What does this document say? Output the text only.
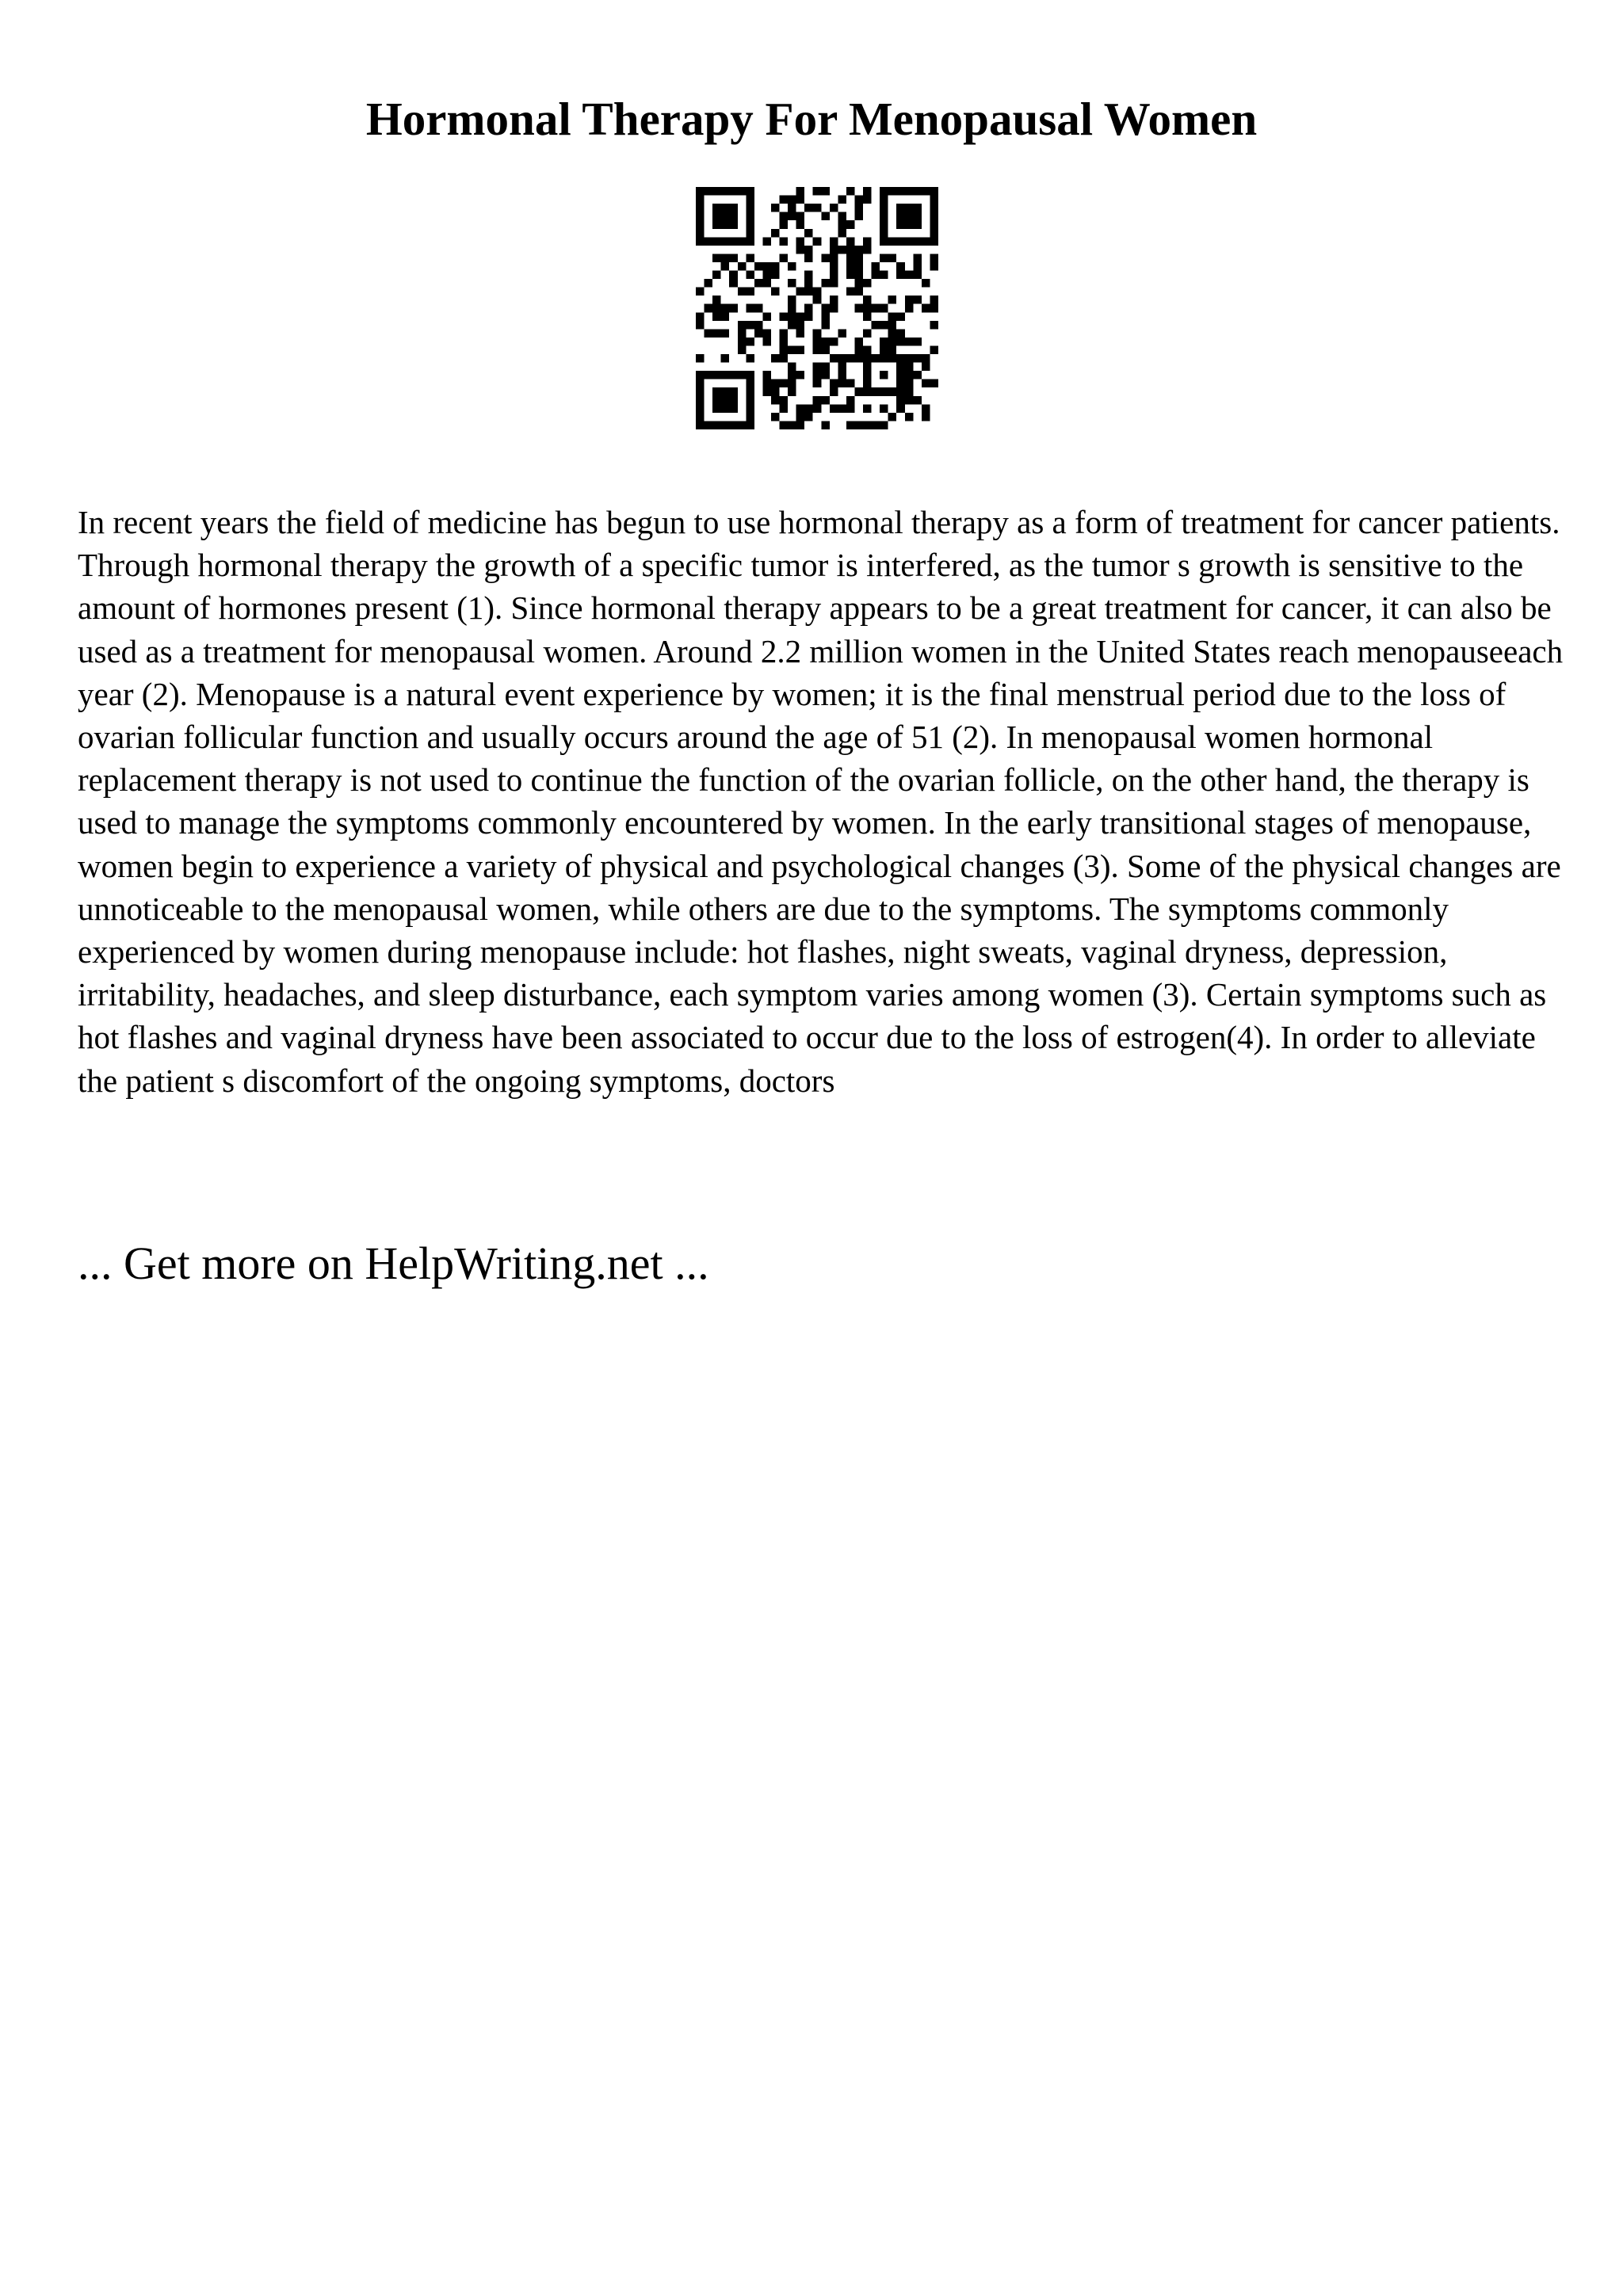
Hormonal Therapy For Menopausal Women

In recent years the field of medicine has begun to use hormonal therapy as a form of treatment for cancer patients. Through hormonal therapy the growth of a specific tumor is interfered, as the tumor s growth is sensitive to the amount of hormones present (1). Since hormonal therapy appears to be a great treatment for cancer, it can also be used as a treatment for menopausal women. Around 2.2 million women in the United States reach menopauseeach year (2). Menopause is a natural event experience by women; it is the final menstrual period due to the loss of ovarian follicular function and usually occurs around the age of 51 (2). In menopausal women hormonal replacement therapy is not used to continue the function of the ovarian follicle, on the other hand, the therapy is used to manage the symptoms commonly encountered by women. In the early transitional stages of menopause, women begin to experience a variety of physical and psychological changes (3). Some of the physical changes are unnoticeable to the menopausal women, while others are due to the symptoms. The symptoms commonly experienced by women during menopause include: hot flashes, night sweats, vaginal dryness, depression, irritability, headaches, and sleep disturbance, each symptom varies among women (3). Certain symptoms such as hot flashes and vaginal dryness have been associated to occur due to the loss of estrogen(4). In order to alleviate the patient s discomfort of the ongoing symptoms, doctors

... Get more on HelpWriting.net ...
